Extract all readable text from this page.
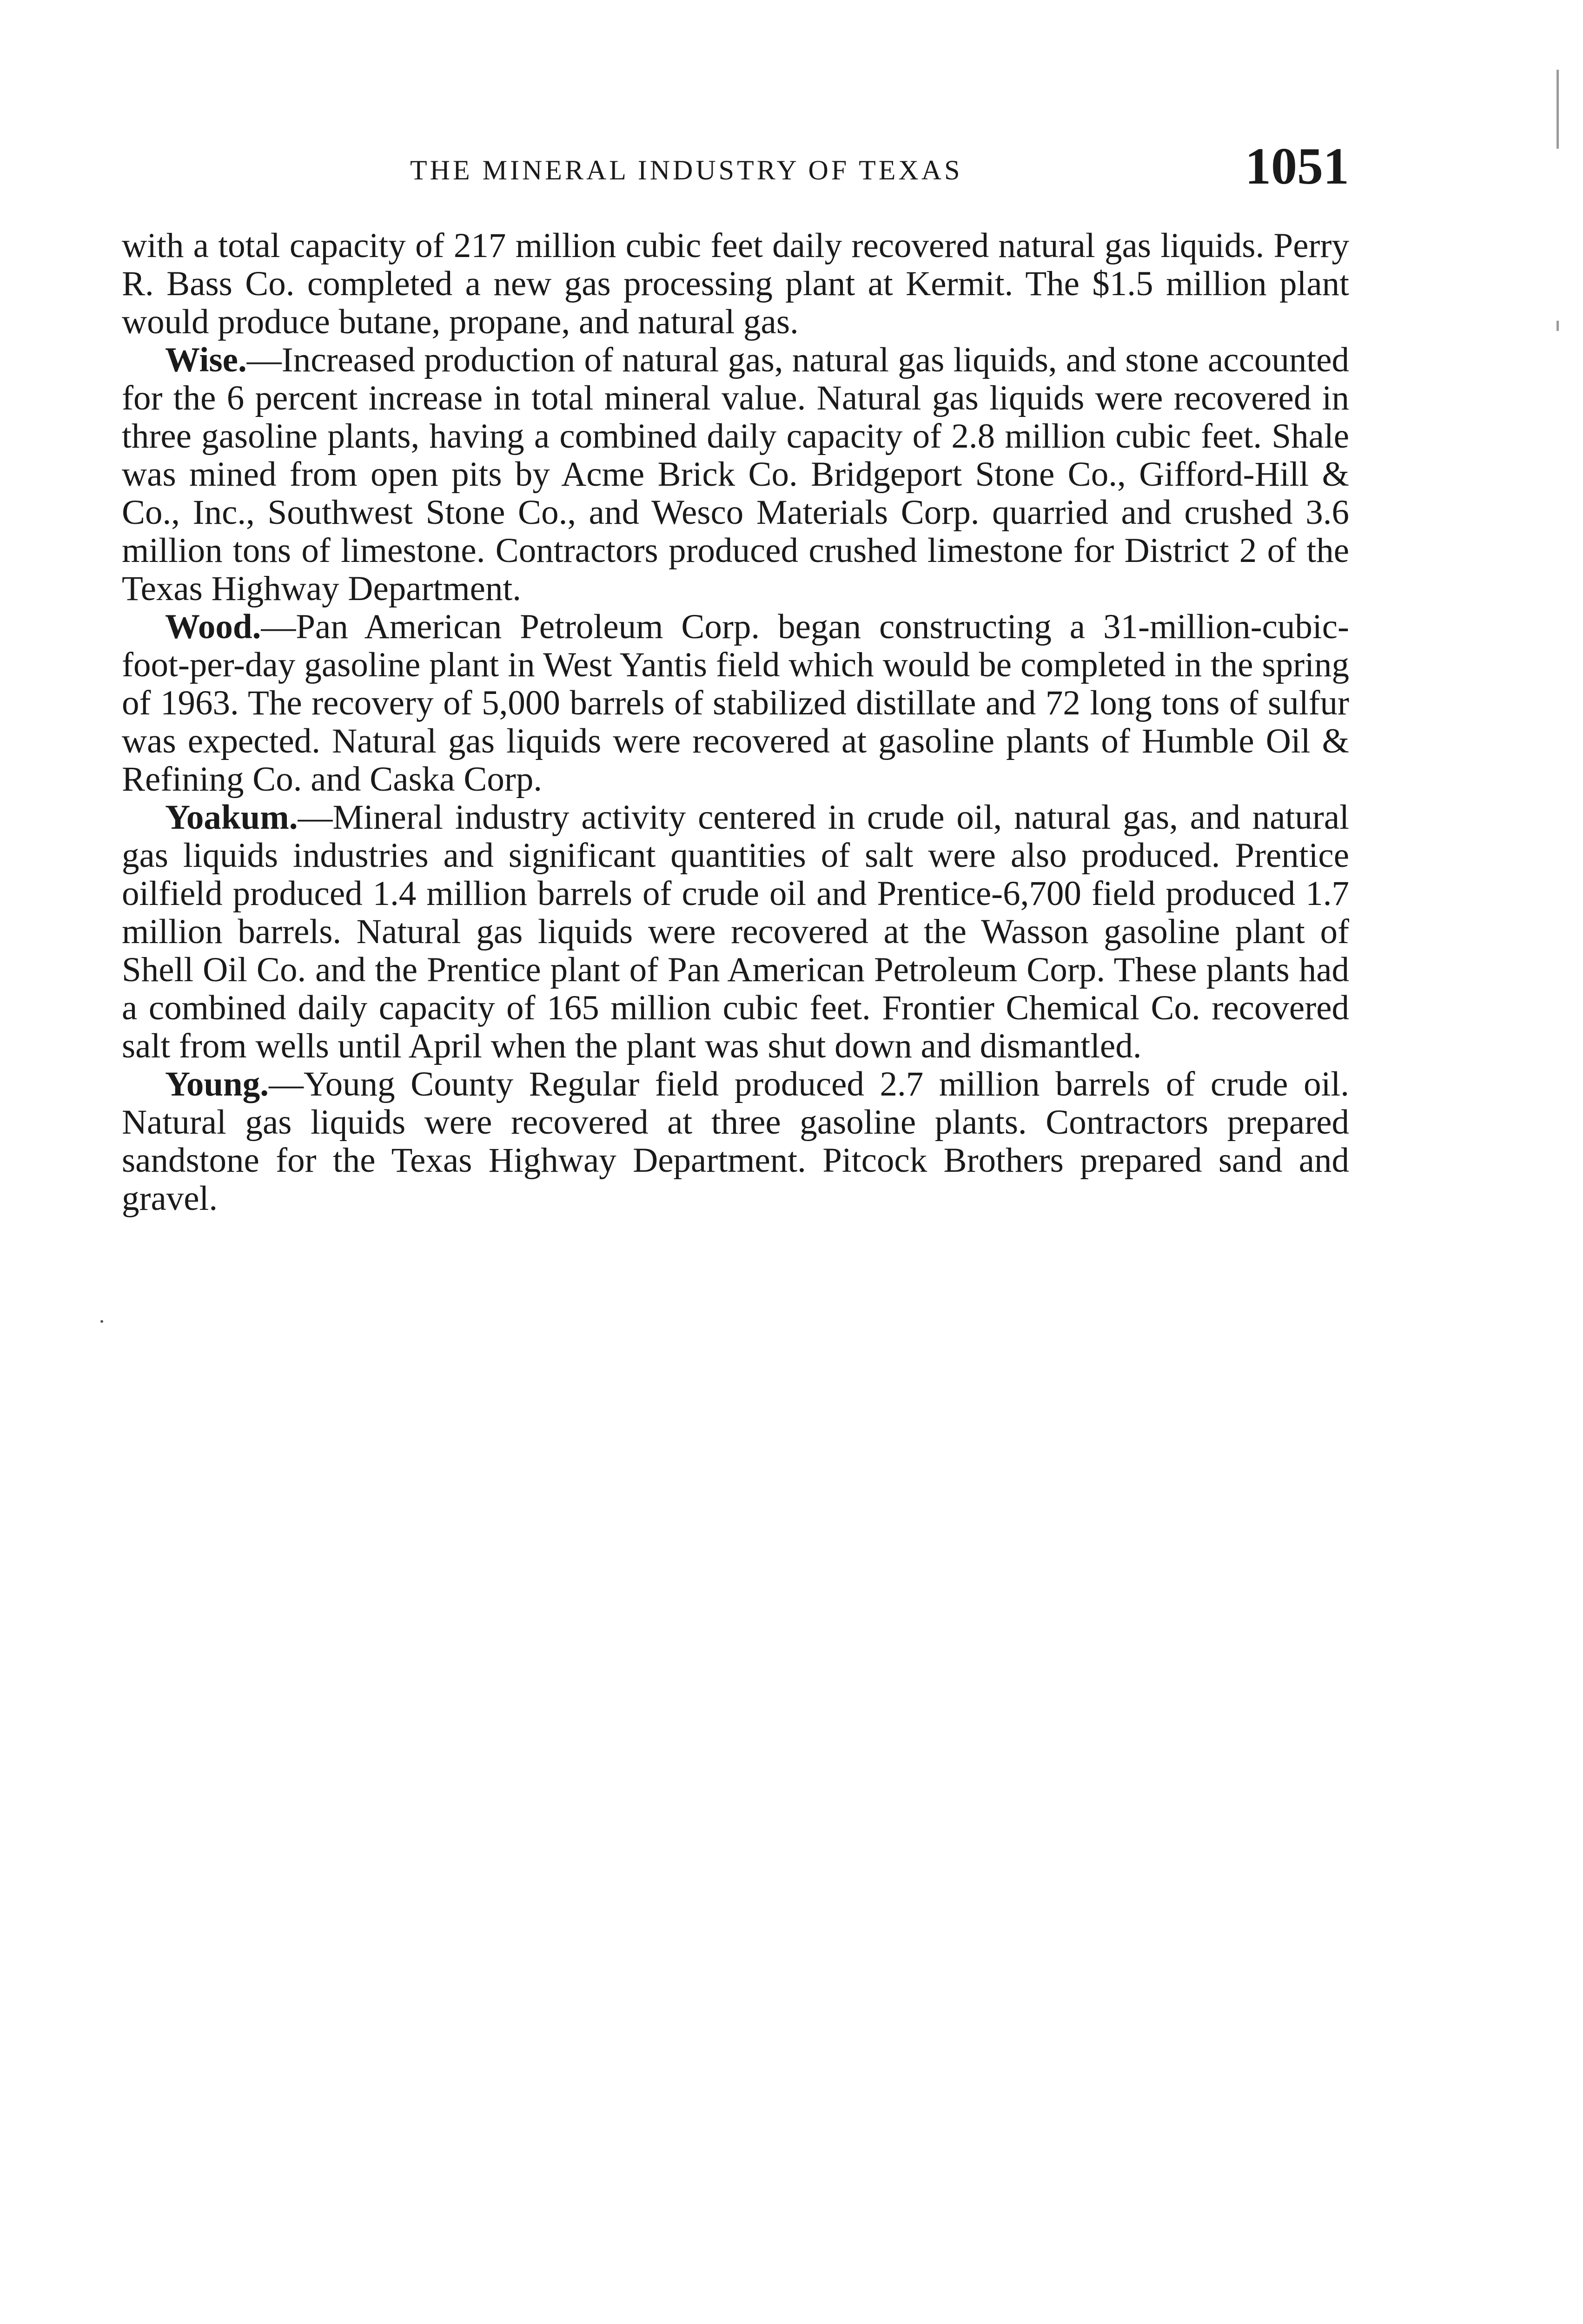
THE MINERAL INDUSTRY OF TEXAS	1051

with a total capacity of 217 million cubic feet daily recovered natural gas liquids. Perry R. Bass Co. completed a new gas processing plant at Kermit. The $1.5 million plant would produce butane, propane, and natural gas.

Wise.—Increased production of natural gas, natural gas liquids, and stone accounted for the 6 percent increase in total mineral value. Natural gas liquids were recovered in three gasoline plants, having a combined daily capacity of 2.8 million cubic feet. Shale was mined from open pits by Acme Brick Co. Bridgeport Stone Co., Gifford-Hill & Co., Inc., Southwest Stone Co., and Wesco Materials Corp. quarried and crushed 3.6 million tons of limestone. Contractors produced crushed limestone for District 2 of the Texas Highway Department.

Wood.—Pan American Petroleum Corp. began constructing a 31-million-cubic-foot-per-day gasoline plant in West Yantis field which would be completed in the spring of 1963. The recovery of 5,000 barrels of stabilized distillate and 72 long tons of sulfur was expected. Natural gas liquids were recovered at gasoline plants of Humble Oil & Refining Co. and Caska Corp.

Yoakum.—Mineral industry activity centered in crude oil, natural gas, and natural gas liquids industries and significant quantities of salt were also produced. Prentice oilfield produced 1.4 million barrels of crude oil and Prentice-6,700 field produced 1.7 million barrels. Natural gas liquids were recovered at the Wasson gasoline plant of Shell Oil Co. and the Prentice plant of Pan American Petroleum Corp. These plants had a combined daily capacity of 165 million cubic feet. Frontier Chemical Co. recovered salt from wells until April when the plant was shut down and dismantled.

Young.—Young County Regular field produced 2.7 million barrels of crude oil. Natural gas liquids were recovered at three gasoline plants. Contractors prepared sandstone for the Texas Highway Department. Pitcock Brothers prepared sand and gravel.
